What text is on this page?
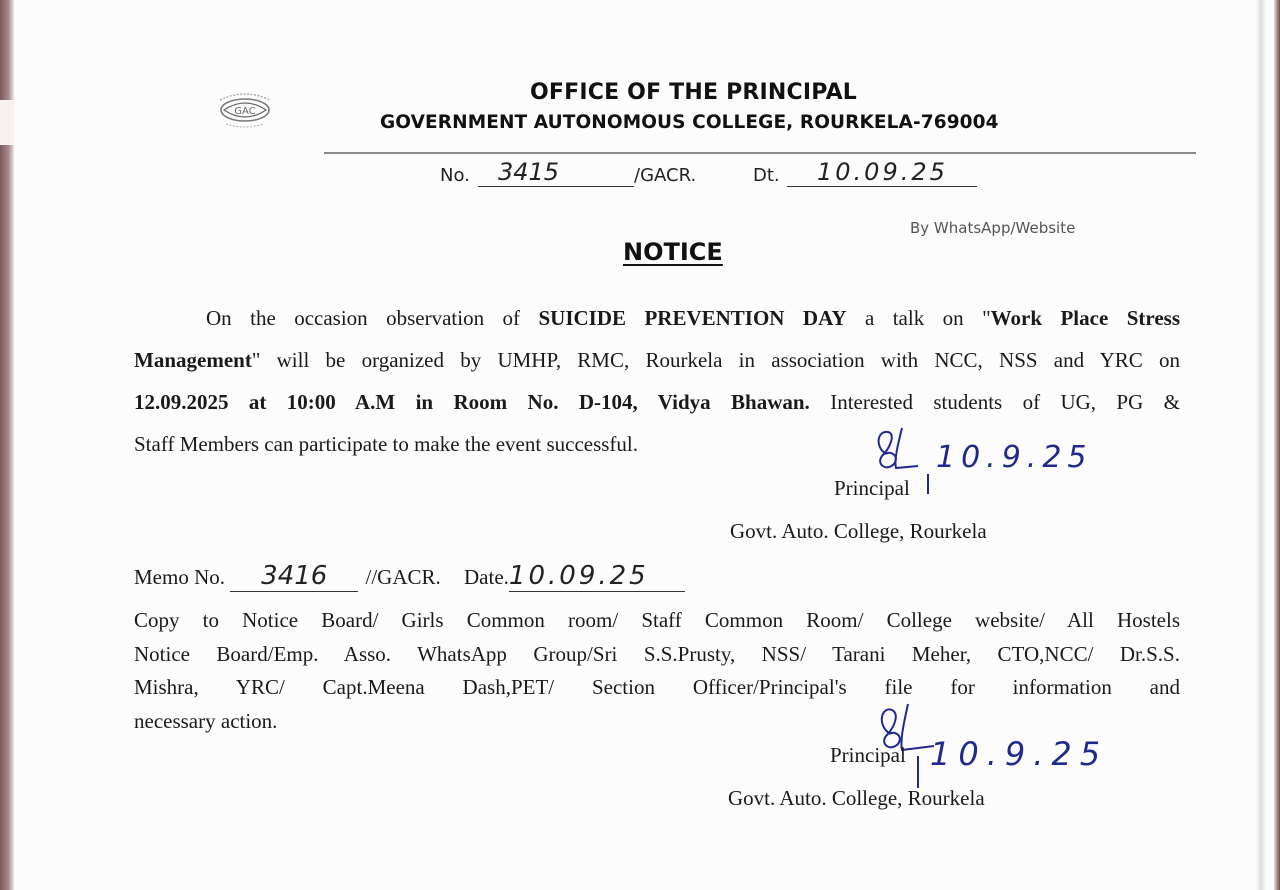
GAC
OFFICE OF THE PRINCIPAL
GOVERNMENT AUTONOMOUS COLLEGE, ROURKELA-769004
No.	3415	/GACR.	Dt.	10.09.25
By WhatsApp/Website
NOTICE
On the occasion observation of SUICIDE PREVENTION DAY a talk on "Work Place Stress
Management" will be organized by UMHP, RMC, Rourkela in association with NCC, NSS and YRC on
12.09.2025 at 10:00 A.M in Room No. D-104, Vidya Bhawan. Interested students of UG, PG &
Staff Members can participate to make the event successful.	10.9.25
Principal
Govt. Auto. College, Rourkela
Memo No. 3416 //GACR. Date.10.09.25
Copy to Notice Board/ Girls Common room/ Staff Common Room/ College website/ All Hostels
Notice Board/Emp. Asso. WhatsApp Group/Sri S.S.Prusty, NSS/ Tarani Meher, CTO,NCC/ Dr.S.S.
Mishra, YRC/ Capt.Meena Dash,PET/ Section Officer/Principal's file for information and
necessary action.
10.9.25
Principal
Govt. Auto. College, Rourkela
